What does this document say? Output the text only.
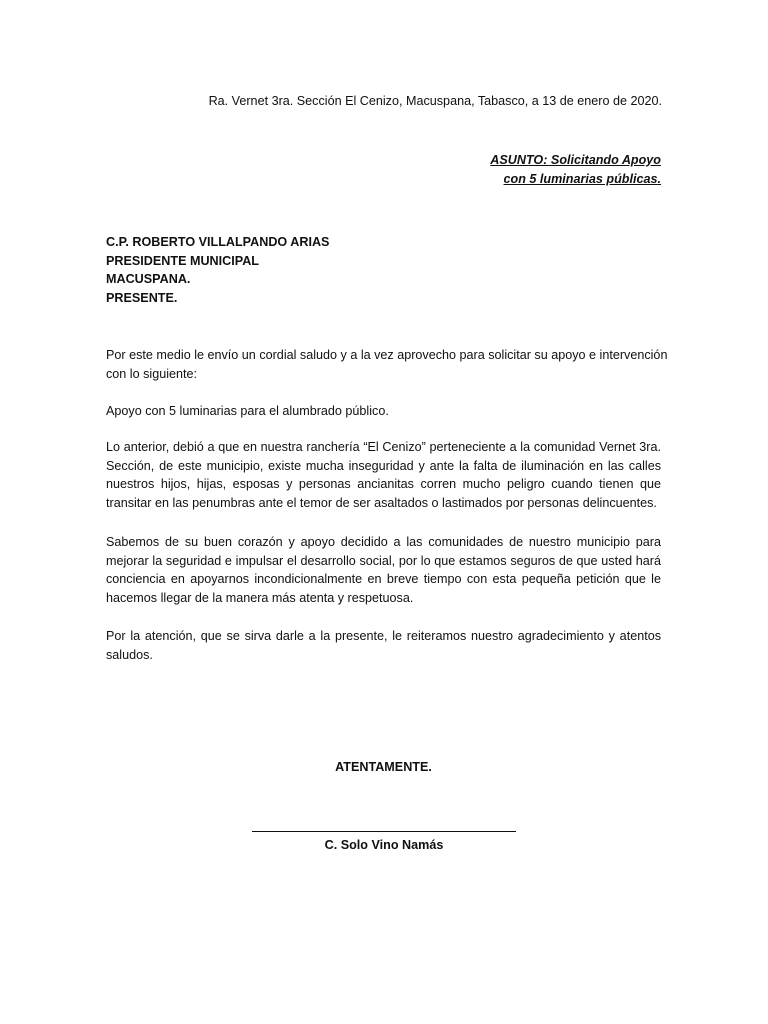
Ra. Vernet 3ra. Sección El Cenizo, Macuspana, Tabasco, a 13 de enero de 2020.
ASUNTO: Solicitando Apoyo
con 5 luminarias públicas.
C.P. ROBERTO VILLALPANDO ARIAS
PRESIDENTE MUNICIPAL
MACUSPANA.
PRESENTE.
Por este medio le envío un cordial saludo y a la vez aprovecho para solicitar su apoyo e intervención
con lo siguiente:
Apoyo con 5 luminarias para el alumbrado público.
Lo anterior, debió a que en nuestra ranchería “El Cenizo” perteneciente a la comunidad Vernet 3ra.
Sección, de este municipio, existe mucha inseguridad y ante la falta de iluminación en las calles
nuestros hijos, hijas, esposas y personas ancianitas corren mucho peligro cuando tienen que
transitar en las penumbras ante el temor de ser asaltados o lastimados por personas delincuentes.
Sabemos de su buen corazón y apoyo decidido a las comunidades de nuestro municipio para
mejorar la seguridad e impulsar el desarrollo social, por lo que estamos seguros de que usted hará
conciencia en apoyarnos incondicionalmente en breve tiempo con esta pequeña petición que le
hacemos llegar de la manera más atenta y respetuosa.
Por la atención, que se sirva darle a la presente, le reiteramos nuestro agradecimiento y atentos
saludos.
ATENTAMENTE.
C. Solo Vino Namás
